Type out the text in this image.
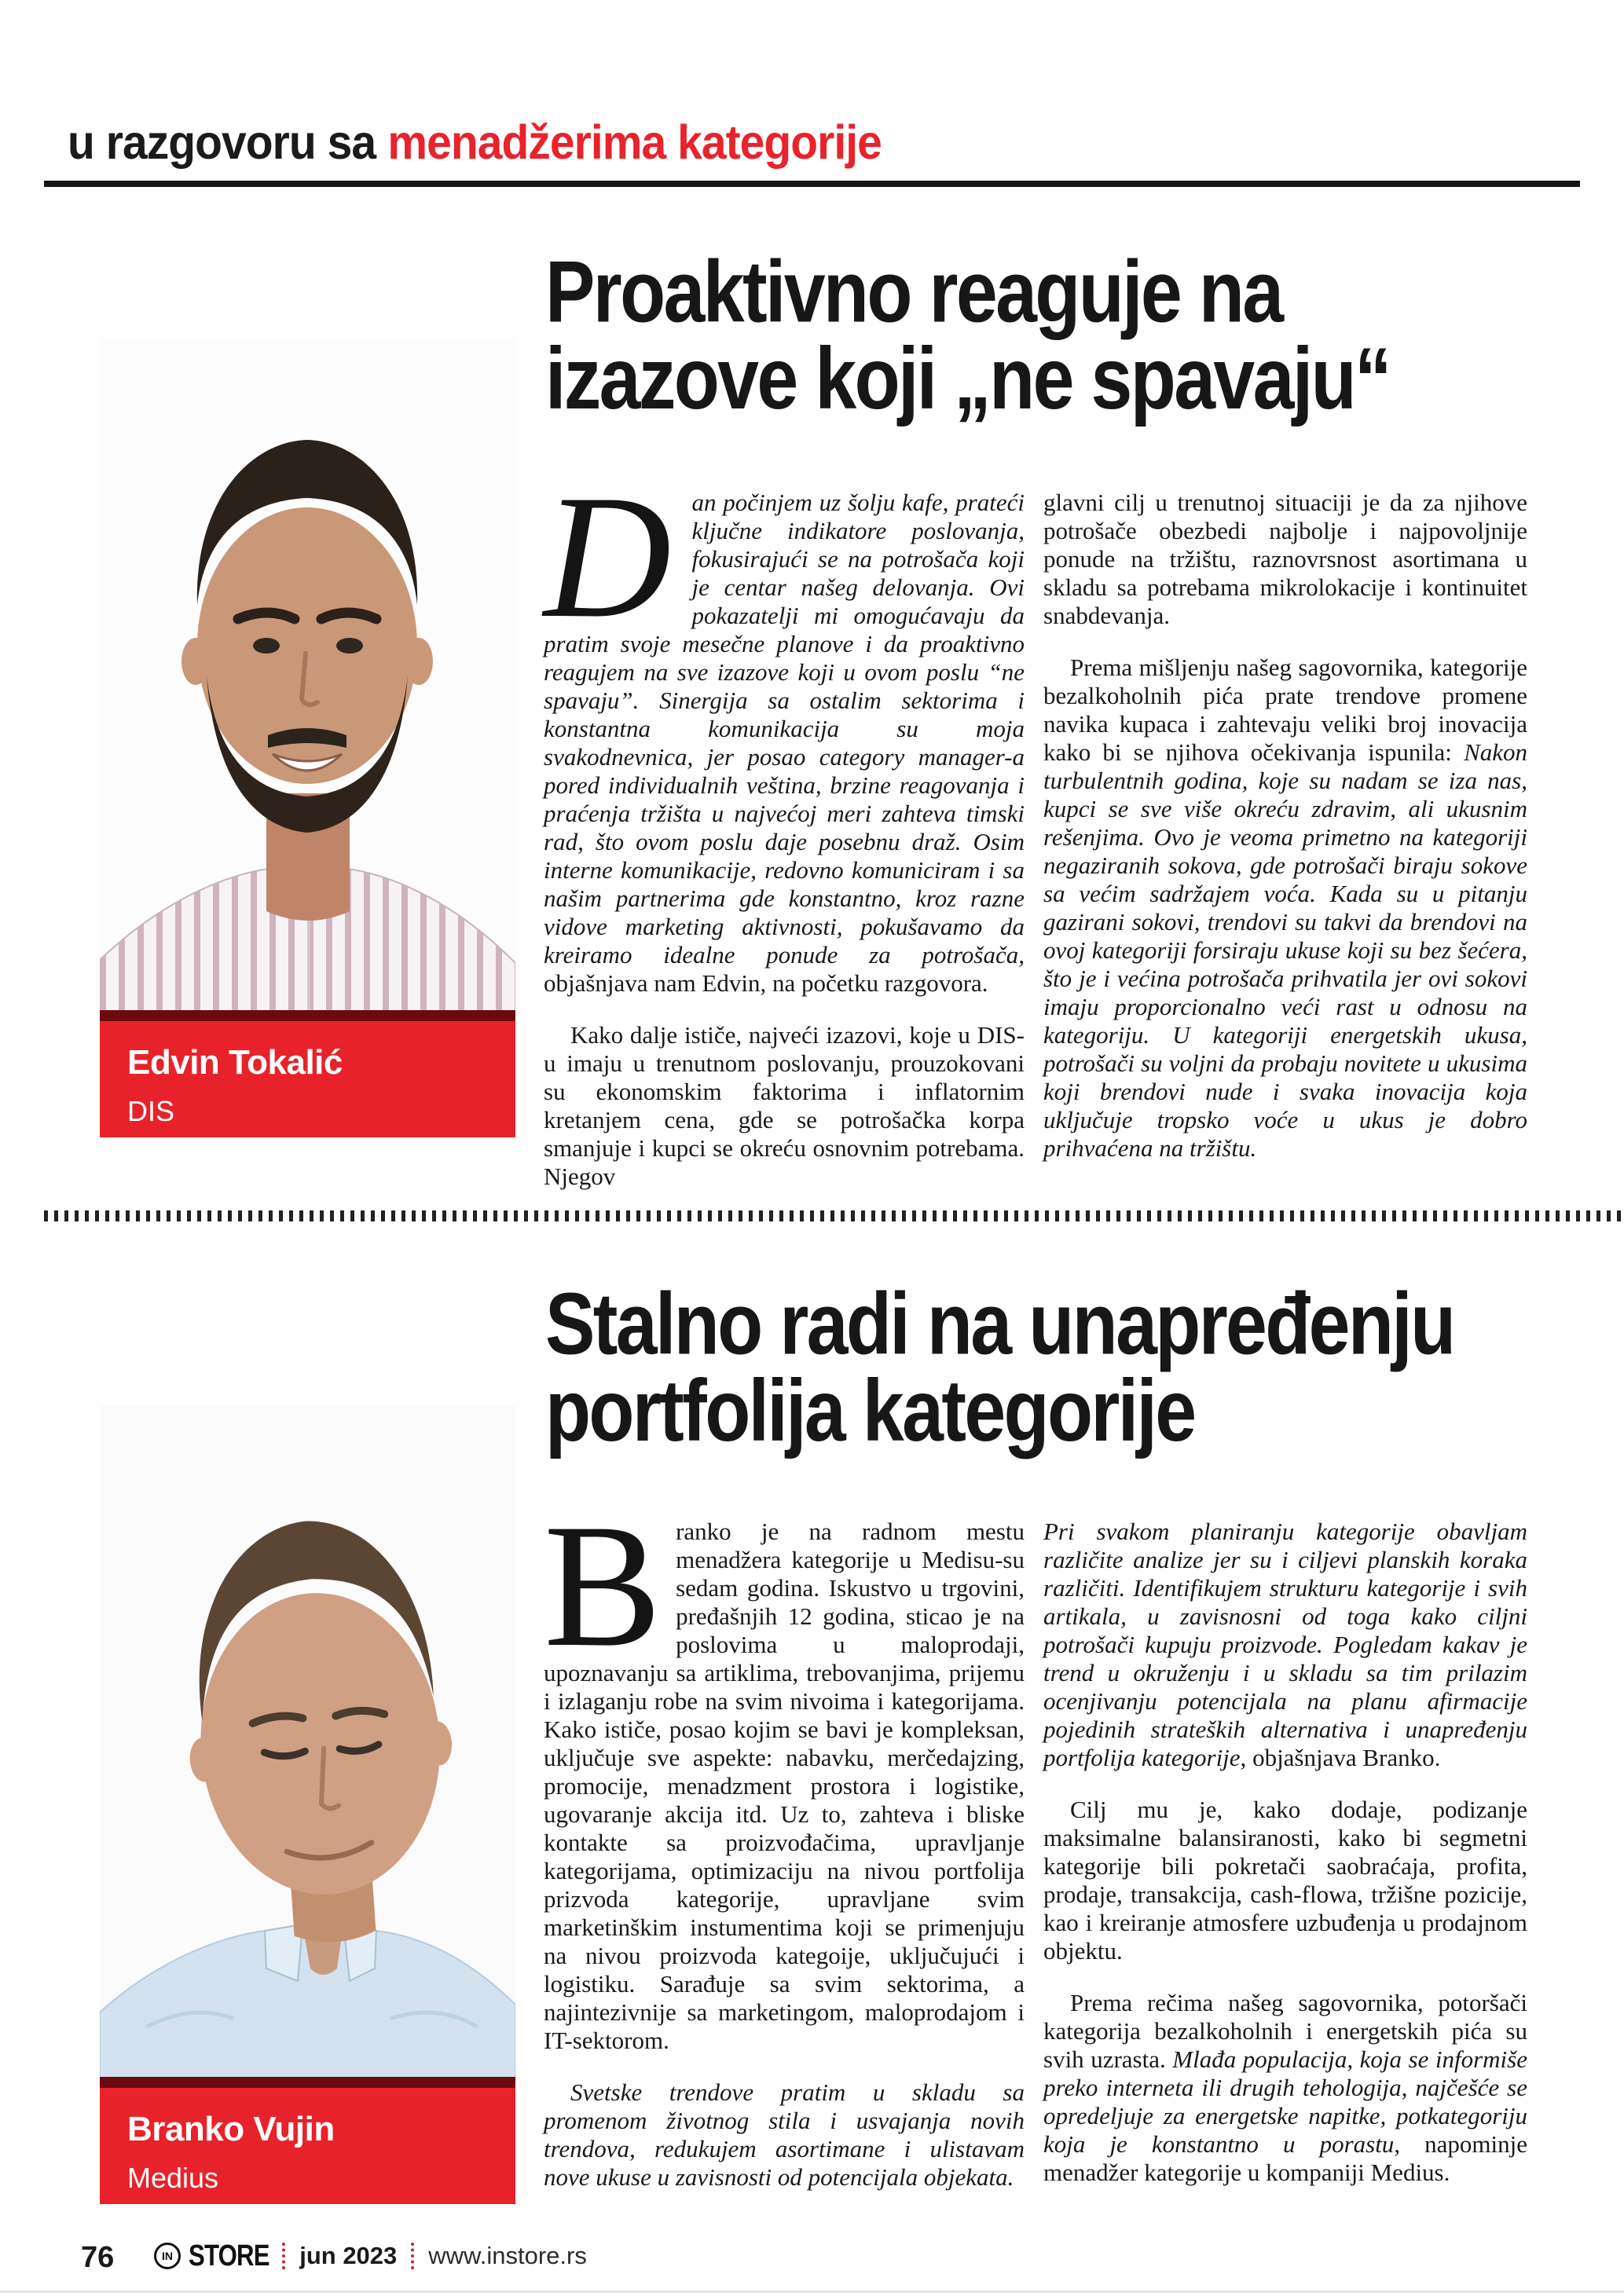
u razgovoru sa menadžerima kategorije
Proaktivno reaguje na
izazove koji „ne spavaju“
Edvin Tokalić
DIS

Dan počinjem uz šolju kafe, prateći ključne indikatore poslovanja, fokusirajući se na potrošača koji je centar našeg delovanja. Ovi pokazatelji mi omogućavaju da pratim svoje mesečne planove i da proaktivno reagujem na sve izazove koji u ovom poslu “ne spavaju”. Sinergija sa ostalim sektorima i konstantna komunikacija su moja svakodnevnica, jer posao category manager-a pored individualnih veština, brzine reagovanja i praćenja tržišta u najvećoj meri zahteva timski rad, što ovom poslu daje posebnu draž. Osim interne komunikacije, redovno komuniciram i sa našim partnerima gde konstantno, kroz razne vidove marketing aktivnosti, pokušavamo da kreiramo idealne ponude za potrošača, objašnjava nam Edvin, na početku razgovora.

Kako dalje ističe, najveći izazovi, koje u DIS-u imaju u trenutnom poslovanju, prouzokovani su ekonomskim faktorima i inflatornim kretanjem cena, gde se potrošačka korpa smanjuje i kupci se okreću osnovnim potrebama. Njegov

glavni cilj u trenutnoj situaciji je da za njihove potrošače obezbedi najbolje i najpovoljnije ponude na tržištu, raznovrsnost asortimana u skladu sa potrebama mikrolokacije i kontinuitet snabdevanja.

Prema mišljenju našeg sagovornika, kategorije bezalkoholnih pića prate trendove promene navika kupaca i zahtevaju veliki broj inovacija kako bi se njihova očekivanja ispunila: Nakon turbulentnih godina, koje su nadam se iza nas, kupci se sve više okreću zdravim, ali ukusnim rešenjima. Ovo je veoma primetno na kategoriji negaziranih sokova, gde potrošači biraju sokove sa većim sadržajem voća. Kada su u pitanju gazirani sokovi, trendovi su takvi da brendovi na ovoj kategoriji forsiraju ukuse koji su bez šećera, što je i većina potrošača prihvatila jer ovi sokovi imaju proporcionalno veći rast u odnosu na kategoriju. U kategoriji energetskih ukusa, potrošači su voljni da probaju novitete u ukusima koji brendovi nude i svaka inovacija koja uključuje tropsko voće u ukus je dobro prihvaćena na tržištu.

Stalno radi na unapređenju
portfolija kategorije
Branko Vujin
Medius

Branko je na radnom mestu menadžera kategorije u Medisu-su sedam godina. Iskustvo u trgovini, pređašnjih 12 godina, sticao je na poslovima u maloprodaji, upoznavanju sa artiklima, trebovanjima, prijemu i izlaganju robe na svim nivoima i kategorijama. Kako ističe, posao kojim se bavi je kompleksan, uključuje sve aspekte: nabavku, merčedajzing, promocije, menadzment prostora i logistike, ugovaranje akcija itd. Uz to, zahteva i bliske kontakte sa proizvođačima, upravljanje kategorijama, optimizaciju na nivou portfolija prizvoda kategorije, upravljane svim marketinškim instumentima koji se primenjuju na nivou proizvoda kategoije, uključujući i logistiku. Sarađuje sa svim sektorima, a najintezivnije sa marketingom, maloprodajom i IT-sektorom.

Svetske trendove pratim u skladu sa promenom životnog stila i usvajanja novih trendova, redukujem asortimane i ulistavam nove ukuse u zavisnosti od potencijala objekata.

Pri svakom planiranju kategorije obavljam različite analize jer su i ciljevi planskih koraka različiti. Identifikujem strukturu kategorije i svih artikala, u zavisnosni od toga kako ciljni potrošači kupuju proizvode. Pogledam kakav je trend u okruženju i u skladu sa tim prilazim ocenjivanju potencijala na planu afirmacije pojedinih strateških alternativa i unapređenju portfolija kategorije, objašnjava Branko.

Cilj mu je, kako dodaje, podizanje maksimalne balansiranosti, kako bi segmetni kategorije bili pokretači saobraćaja, profita, prodaje, transakcija, cash-flowa, tržišne pozicije, kao i kreiranje atmosfere uzbuđenja u prodajnom objektu.

Prema rečima našeg sagovornika, potoršači kategorija bezalkoholnih i energetskih pića su svih uzrasta. Mlađa populacija, koja se informiše preko interneta ili drugih tehologija, najčešće se opredeljuje za energetske napitke, potkategoriju koja je konstantno u porastu, napominje menadžer kategorije u kompaniji Medius.

76	IN STORE jun 2023 www.instore.rs
